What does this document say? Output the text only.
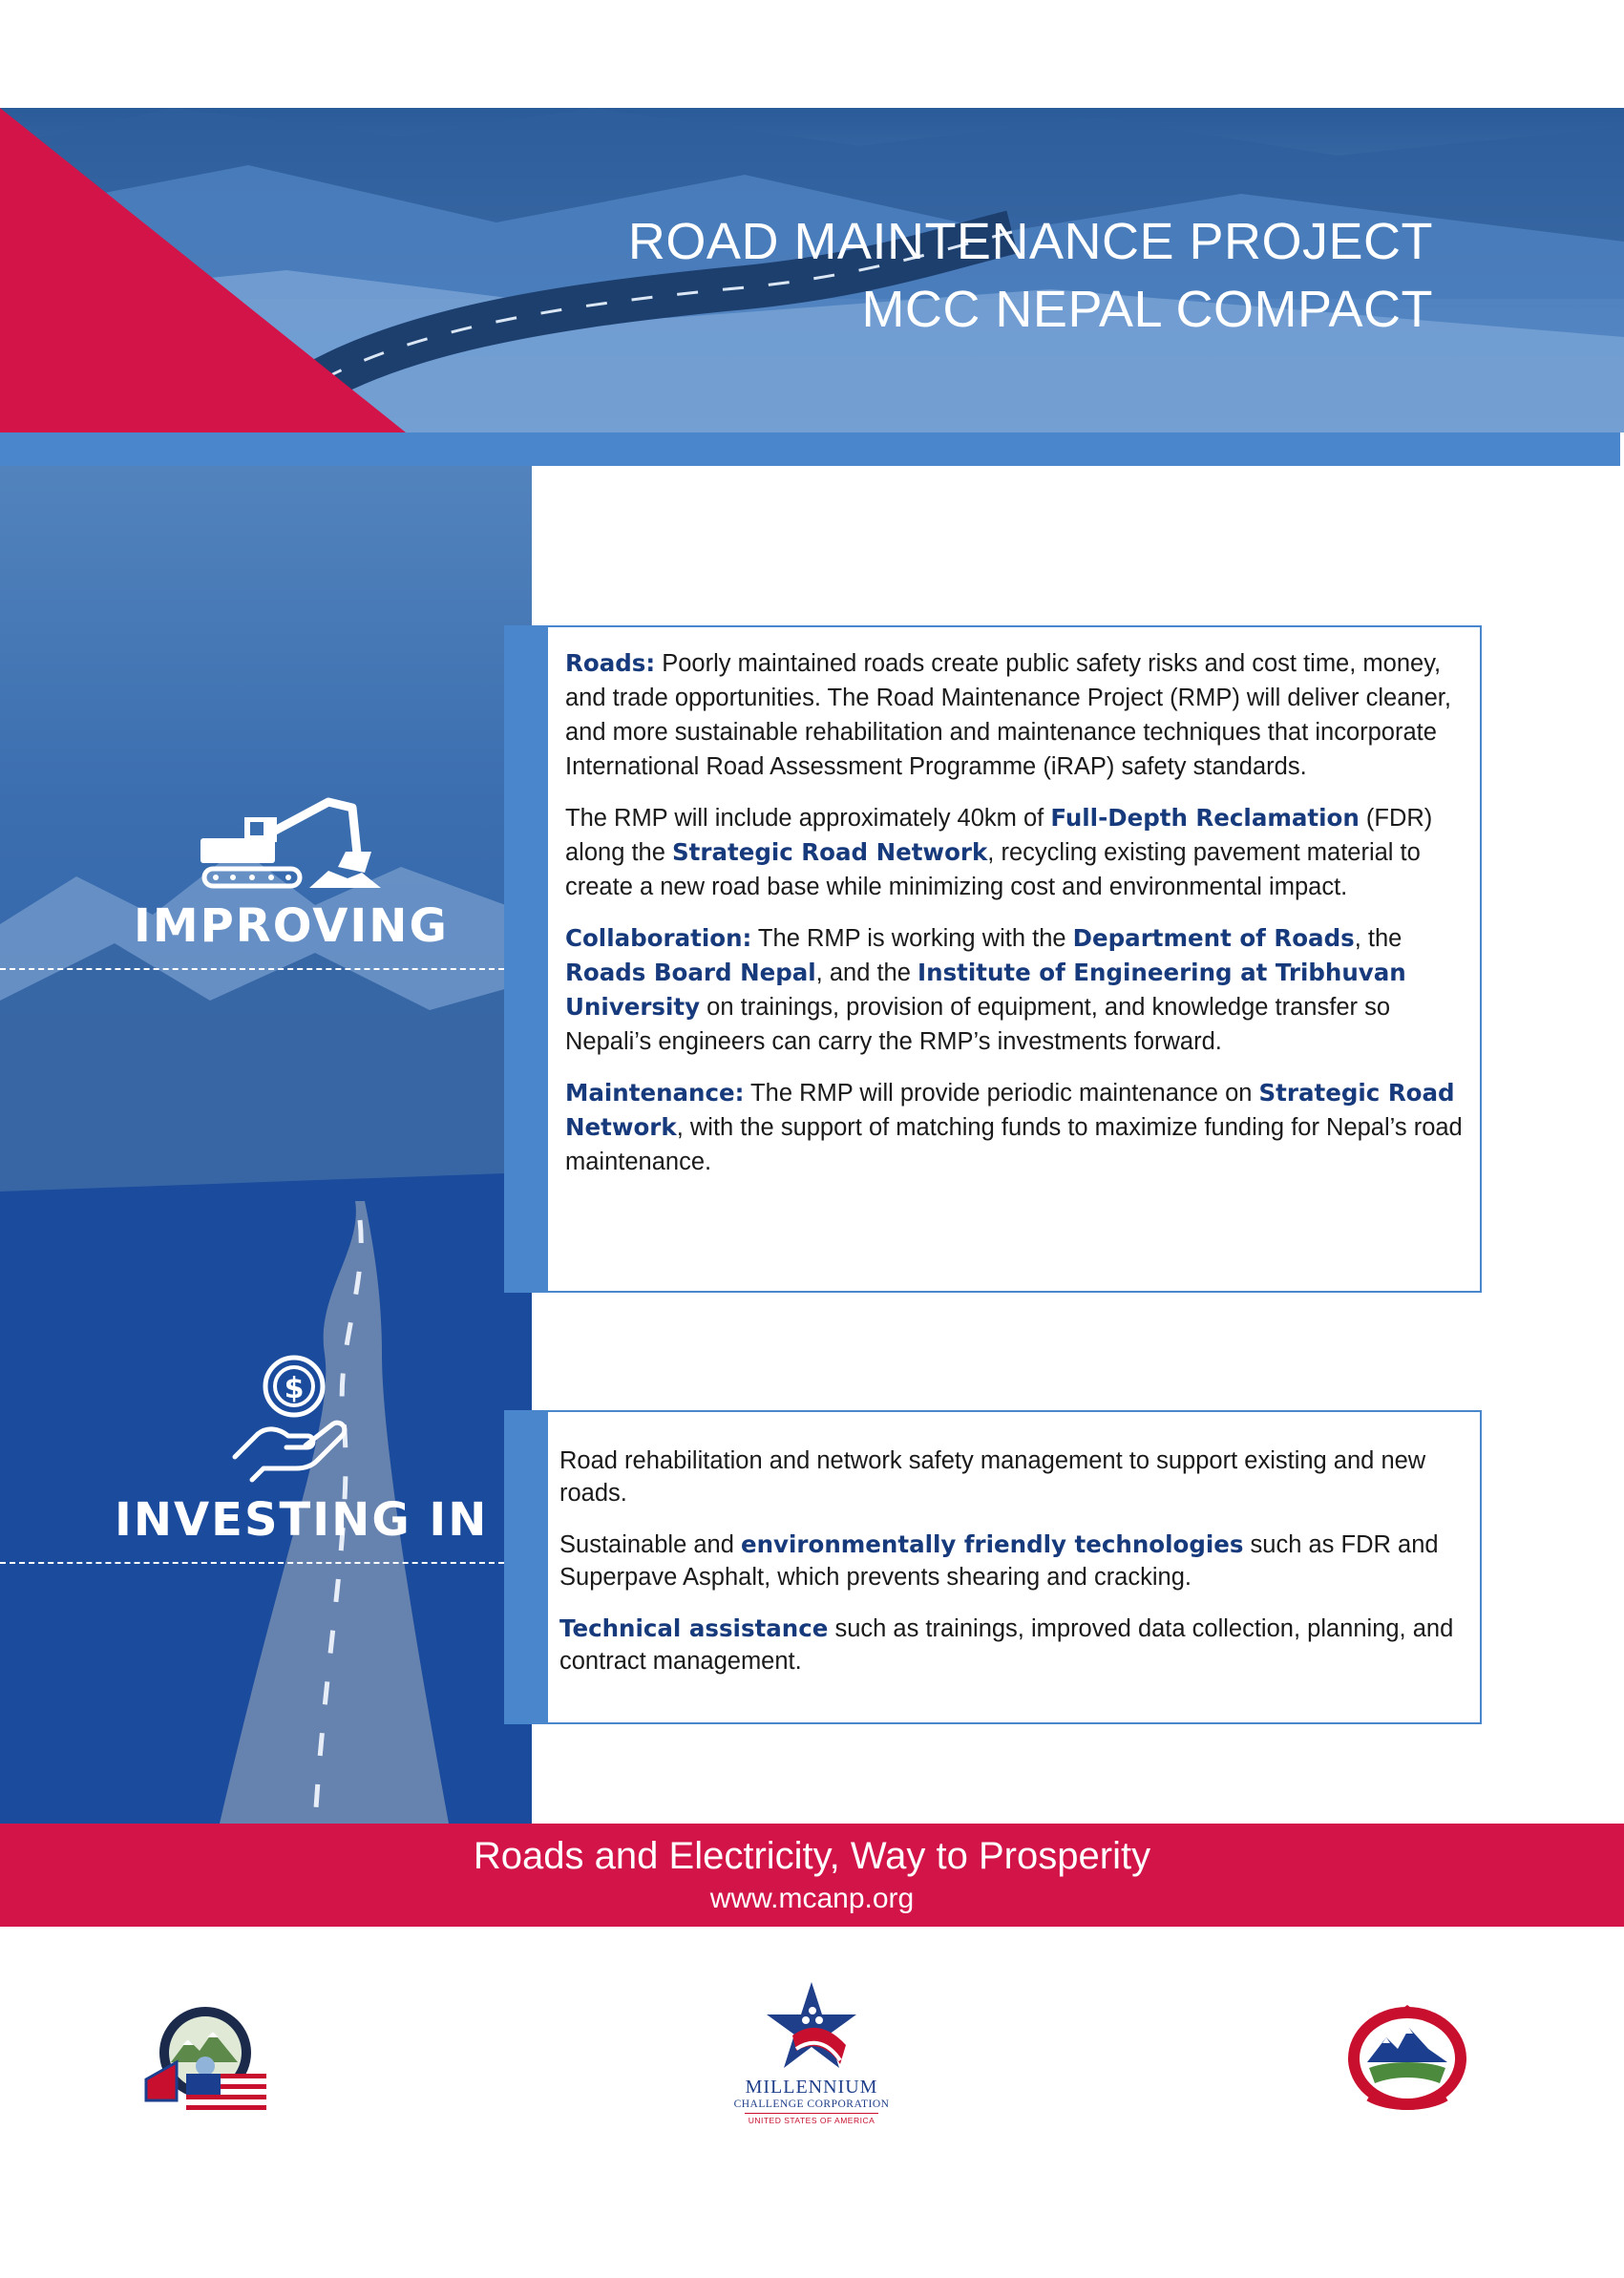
ROAD MAINTENANCE PROJECT
MCC NEPAL COMPACT
IMPROVING
$
INVESTING IN

Roads: Poorly maintained roads create public safety risks and cost time, money, and trade opportunities. The Road Maintenance Project (RMP) will deliver cleaner, and more sustainable rehabilitation and maintenance techniques that incorporate International Road Assessment Programme (iRAP) safety standards.

The RMP will include approximately 40km of Full-Depth Reclamation (FDR) along the Strategic Road Network, recycling existing pavement material to create a new road base while minimizing cost and environmental impact.

Collaboration: The RMP is working with the Department of Roads, the Roads Board Nepal, and the Institute of Engineering at Tribhuvan University on trainings, provision of equipment, and knowledge transfer so Nepali’s engineers can carry the RMP’s investments forward.

Maintenance: The RMP will provide periodic maintenance on Strategic Road Network, with the support of matching funds to maximize funding for Nepal’s road maintenance.

Road rehabilitation and network safety management to support existing and new roads.

Sustainable and environmentally friendly technologies such as FDR and Superpave Asphalt, which prevents shearing and cracking.

Technical assistance such as trainings, improved data collection, planning, and contract management.

Roads and Electricity, Way to Prosperity
www.mcanp.org
MILLENNIUM
CHALLENGE CORPORATION
UNITED STATES OF AMERICA
